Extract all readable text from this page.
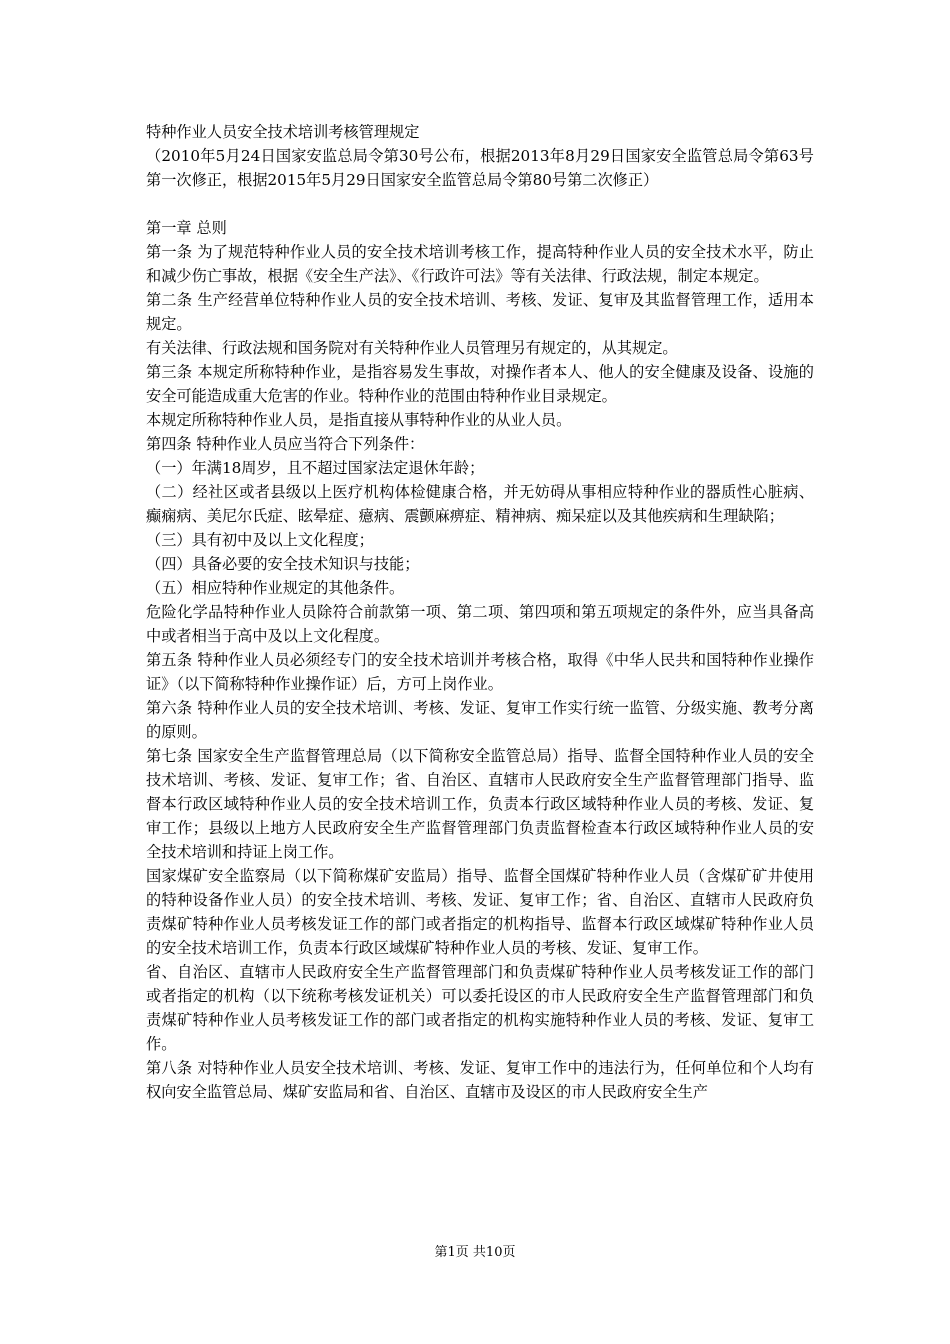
特种作业人员安全技术培训考核管理规定

（2010年5月24日国家安监总局令第30号公布，根据2013年8月29日国家安全监管总局令第63号第一次修正，根据2015年5月29日国家安全监管总局令第80号第二次修正）

第一章 总则

第一条 为了规范特种作业人员的安全技术培训考核工作，提高特种作业人员的安全技术水平，防止和减少伤亡事故，根据《安全生产法》、《行政许可法》等有关法律、行政法规，制定本规定。

第二条 生产经营单位特种作业人员的安全技术培训、考核、发证、复审及其监督管理工作，适用本规定。

有关法律、行政法规和国务院对有关特种作业人员管理另有规定的，从其规定。

第三条 本规定所称特种作业，是指容易发生事故，对操作者本人、他人的安全健康及设备、设施的安全可能造成重大危害的作业。特种作业的范围由特种作业目录规定。

本规定所称特种作业人员，是指直接从事特种作业的从业人员。

第四条 特种作业人员应当符合下列条件：

（一）年满18周岁，且不超过国家法定退休年龄；

（二）经社区或者县级以上医疗机构体检健康合格，并无妨碍从事相应特种作业的器质性心脏病、癫痫病、美尼尔氏症、眩晕症、癔病、震颤麻痹症、精神病、痴呆症以及其他疾病和生理缺陷；

（三）具有初中及以上文化程度；

（四）具备必要的安全技术知识与技能；

（五）相应特种作业规定的其他条件。

危险化学品特种作业人员除符合前款第一项、第二项、第四项和第五项规定的条件外，应当具备高中或者相当于高中及以上文化程度。

第五条 特种作业人员必须经专门的安全技术培训并考核合格，取得《中华人民共和国特种作业操作证》（以下简称特种作业操作证）后，方可上岗作业。

第六条 特种作业人员的安全技术培训、考核、发证、复审工作实行统一监管、分级实施、教考分离的原则。

第七条 国家安全生产监督管理总局（以下简称安全监管总局）指导、监督全国特种作业人员的安全技术培训、考核、发证、复审工作；省、自治区、直辖市人民政府安全生产监督管理部门指导、监督本行政区域特种作业人员的安全技术培训工作，负责本行政区域特种作业人员的考核、发证、复审工作；县级以上地方人民政府安全生产监督管理部门负责监督检查本行政区域特种作业人员的安全技术培训和持证上岗工作。

国家煤矿安全监察局（以下简称煤矿安监局）指导、监督全国煤矿特种作业人员（含煤矿矿井使用的特种设备作业人员）的安全技术培训、考核、发证、复审工作；省、自治区、直辖市人民政府负责煤矿特种作业人员考核发证工作的部门或者指定的机构指导、监督本行政区域煤矿特种作业人员的安全技术培训工作，负责本行政区域煤矿特种作业人员的考核、发证、复审工作。

省、自治区、直辖市人民政府安全生产监督管理部门和负责煤矿特种作业人员考核发证工作的部门或者指定的机构（以下统称考核发证机关）可以委托设区的市人民政府安全生产监督管理部门和负责煤矿特种作业人员考核发证工作的部门或者指定的机构实施特种作业人员的考核、发证、复审工作。

第八条 对特种作业人员安全技术培训、考核、发证、复审工作中的违法行为，任何单位和个人均有权向安全监管总局、煤矿安监局和省、自治区、直辖市及设区的市人民政府安全生产

第1页 共10页
